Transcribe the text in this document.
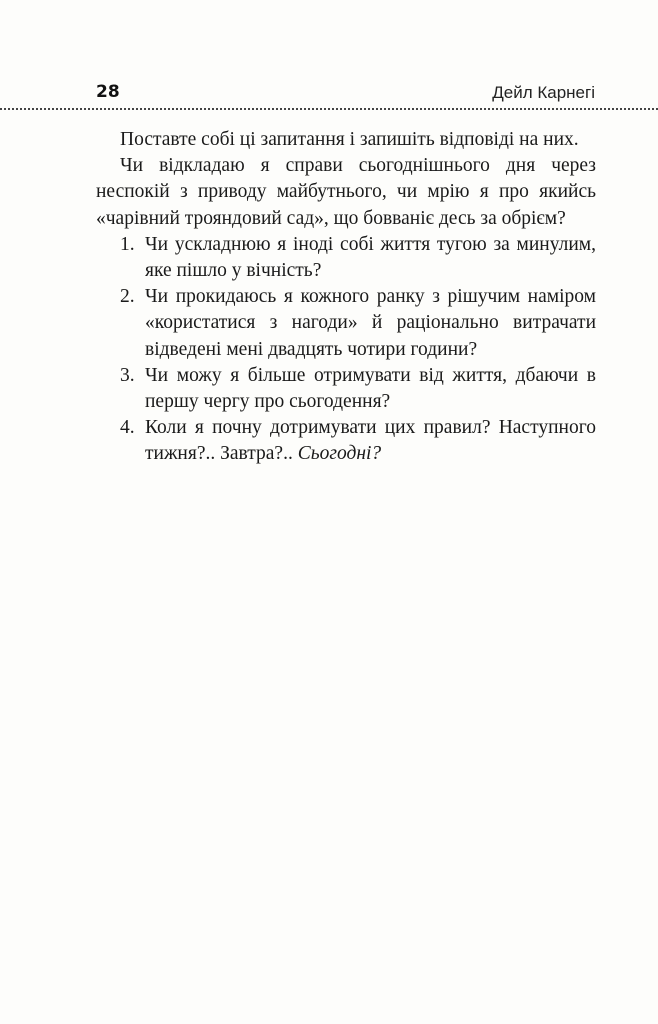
28	Дейл Карнегі

Поставте собі ці запитання і запишіть відповіді на них.

Чи відкладаю я справи сьогоднішнього дня через неспокій з приводу майбутнього, чи мрію я про якийсь «чарівний трояндовий сад», що бовваніє десь за обрієм?

1. Чи ускладнюю я іноді собі життя тугою за минулим, яке пішло у вічність?
2. Чи прокидаюсь я кожного ранку з рішучим наміром «користатися з нагоди» й раціонально витрачати відведені мені двадцять чотири години?
3. Чи можу я більше отримувати від життя, дбаючи в першу чергу про сьогодення?
4. Коли я почну дотримувати цих правил? Наступного тижня?.. Завтра?.. Сьогодні?
